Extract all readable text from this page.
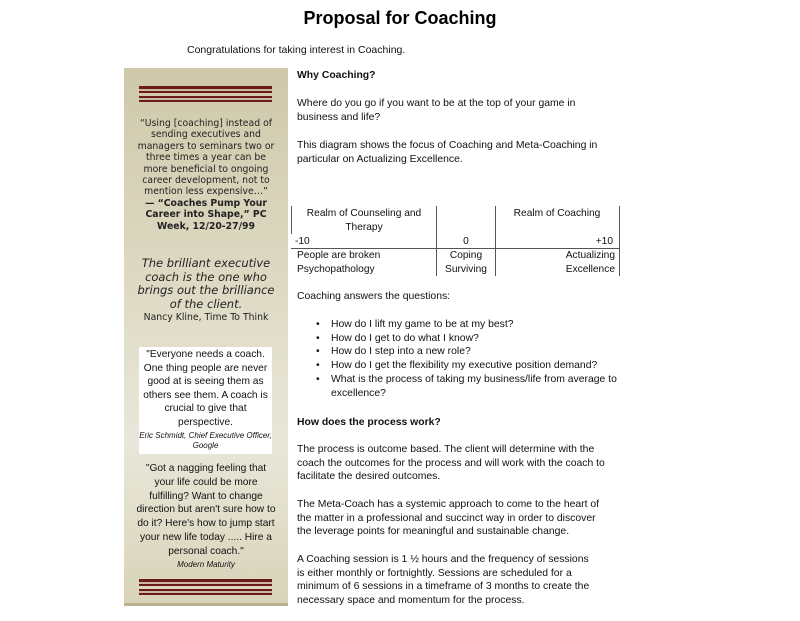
Proposal for Coaching
Congratulations for taking interest in Coaching.
“Using [coaching] instead of sending executives and managers to seminars two or three times a year can be more beneficial to ongoing career development, not to mention less expensive…”
— “Coaches Pump Your Career into Shape,” PC Week, 12/20-27/99
The brilliant executive coach is the one who brings out the brilliance of the client.
Nancy Kline, Time To Think
"Everyone needs a coach. One thing people are never good at is seeing them as others see them. A coach is crucial to give that perspective.
Eric Schmidt, Chief Executive Officer, Google
"Got a nagging feeling that your life could be more fulfilling? Want to change direction but aren't sure how to do it? Here's how to jump start your new life today ..... Hire a personal coach."
Modern Maturity
Why Coaching?
Where do you go if you want to be at the top of your game in business and life?
This diagram shows the focus of Coaching and Meta-Coaching in particular on Actualizing Excellence.
Realm of Counseling and Therapy
Realm of Coaching
-10	0	+10
People are broken Psychopathology
Coping Surviving
Actualizing Excellence
Coaching answers the questions:
• How do I lift my game to be at my best?
• How do I get to do what I know?
• How do I step into a new role?
• How do I get the flexibility my executive position demand?
• What is the process of taking my business/life from average to excellence?
How does the process work?
The process is outcome based. The client will determine with the coach the outcomes for the process and will work with the coach to facilitate the desired outcomes.
The Meta-Coach has a systemic approach to come to the heart of the matter in a professional and succinct way in order to discover the leverage points for meaningful and sustainable change.
A Coaching session is 1 ½ hours and the frequency of sessions is either monthly or fortnightly. Sessions are scheduled for a minimum of 6 sessions in a timeframe of 3 months to create the necessary space and momentum for the process.
